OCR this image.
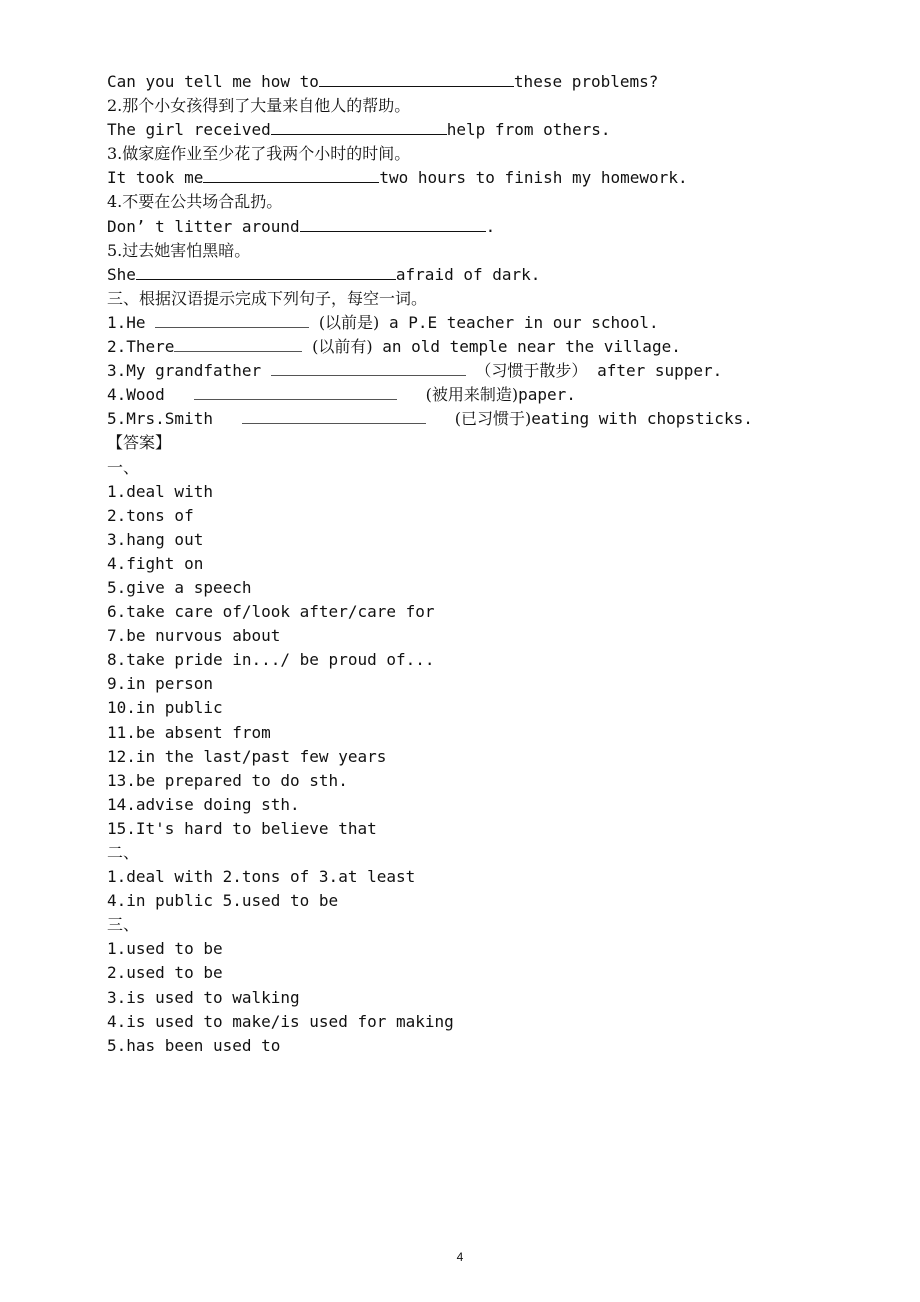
Can you tell me how to	these problems?
2.那个小女孩得到了大量来自他人的帮助。
The girl received	help from others.
3.做家庭作业至少花了我两个小时的时间。
It took me	two hours to finish my homework.
4.不要在公共场合乱扔。
Don’ t litter around	.
5.过去她害怕黑暗。
She	afraid of dark.
三、根据汉语提示完成下列句子，每空一词。
1.He	(以前是) a P.E teacher in our school.
2.There	(以前有) an old temple near the village.
3.My grandfather	（习惯于散步） after supper.
4.Wood	(被用来制造)paper.
5.Mrs.Smith	(已习惯于)eating with chopsticks.
【答案】
一、
1.deal with
2.tons of
3.hang out
4.fight on
5.give a speech
6.take care of/look after/care for
7.be nurvous about
8.take pride in.../ be proud of...
9.in person
10.in public
11.be absent from
12.in the last/past few years
13.be prepared to do sth.
14.advise doing sth.
15.It's hard to believe that
二、
1.deal with 2.tons of 3.at least
4.in public 5.used to be
三、
1.used to be
2.used to be
3.is used to walking
4.is used to make/is used for making
5.has been used to
4
